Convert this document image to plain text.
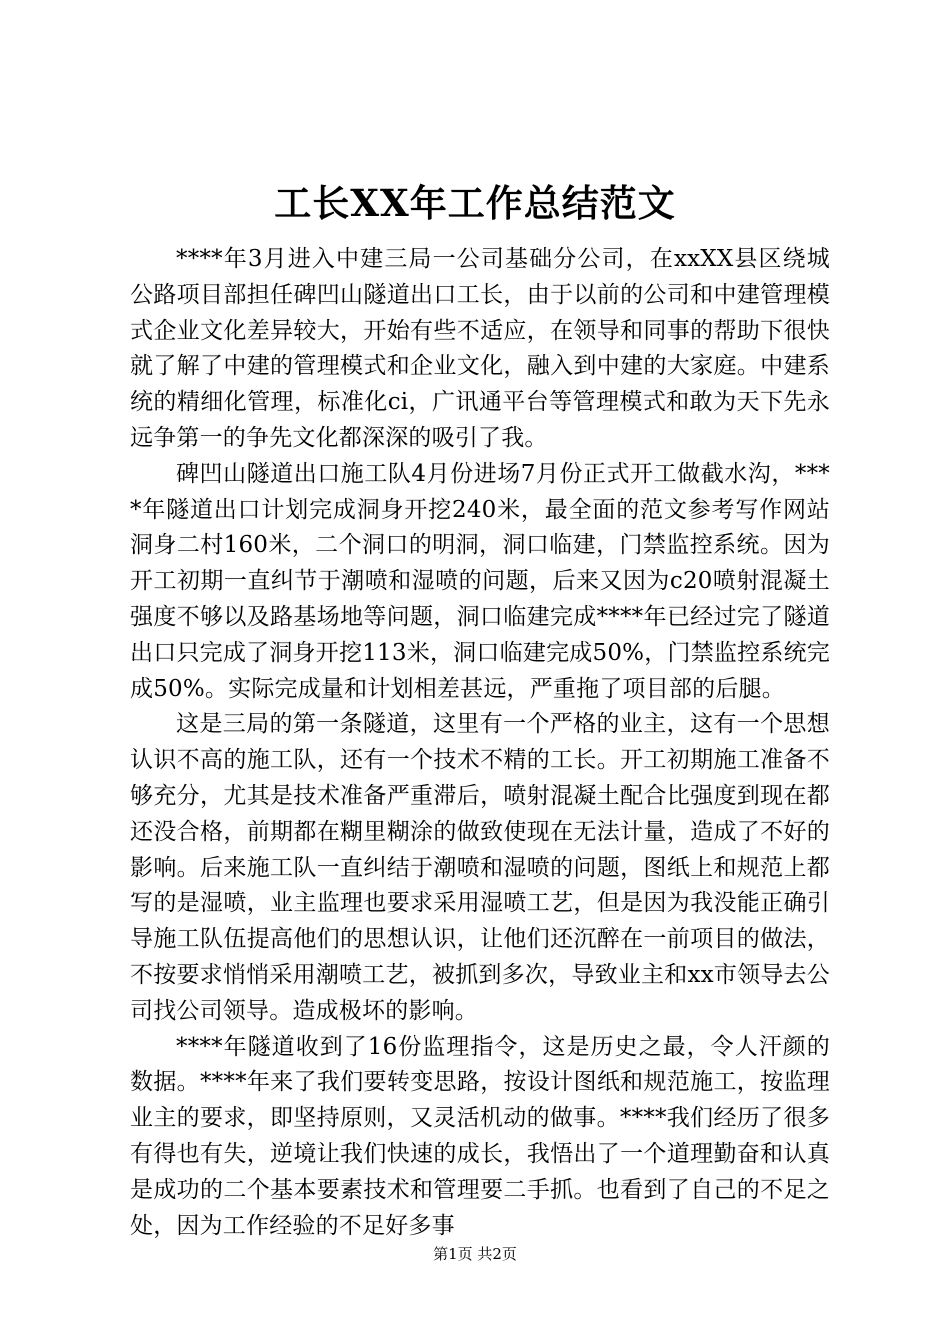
工长XX年工作总结范文

****年3月进入中建三局一公司基础分公司，在xxXX县区绕城公路项目部担任碑凹山隧道出口工长，由于以前的公司和中建管理模式企业文化差异较大，开始有些不适应，在领导和同事的帮助下很快就了解了中建的管理模式和企业文化，融入到中建的大家庭。中建系统的精细化管理，标准化ci，广讯通平台等管理模式和敢为天下先永远争第一的争先文化都深深的吸引了我。

碑凹山隧道出口施工队4月份进场7月份正式开工做截水沟，****年隧道出口计划完成洞身开挖240米，最全面的范文参考写作网站洞身二村160米，二个洞口的明洞，洞口临建，门禁监控系统。因为开工初期一直纠节于潮喷和湿喷的问题，后来又因为c20喷射混凝土强度不够以及路基场地等问题，洞口临建完成****年已经过完了隧道出口只完成了洞身开挖113米，洞口临建完成50%，门禁监控系统完成50%。实际完成量和计划相差甚远，严重拖了项目部的后腿。

这是三局的第一条隧道，这里有一个严格的业主，这有一个思想认识不高的施工队，还有一个技术不精的工长。开工初期施工准备不够充分，尤其是技术准备严重滞后，喷射混凝土配合比强度到现在都还没合格，前期都在糊里糊涂的做致使现在无法计量，造成了不好的影响。后来施工队一直纠结于潮喷和湿喷的问题，图纸上和规范上都写的是湿喷，业主监理也要求采用湿喷工艺，但是因为我没能正确引导施工队伍提高他们的思想认识，让他们还沉醉在一前项目的做法，不按要求悄悄采用潮喷工艺，被抓到多次，导致业主和xx市领导去公司找公司领导。造成极坏的影响。

****年隧道收到了16份监理指令，这是历史之最，令人汗颜的数据。****年来了我们要转变思路，按设计图纸和规范施工，按监理业主的要求，即坚持原则，又灵活机动的做事。****我们经历了很多有得也有失，逆境让我们快速的成长，我悟出了一个道理勤奋和认真是成功的二个基本要素技术和管理要二手抓。也看到了自己的不足之处，因为工作经验的不足好多事

第1页 共2页
